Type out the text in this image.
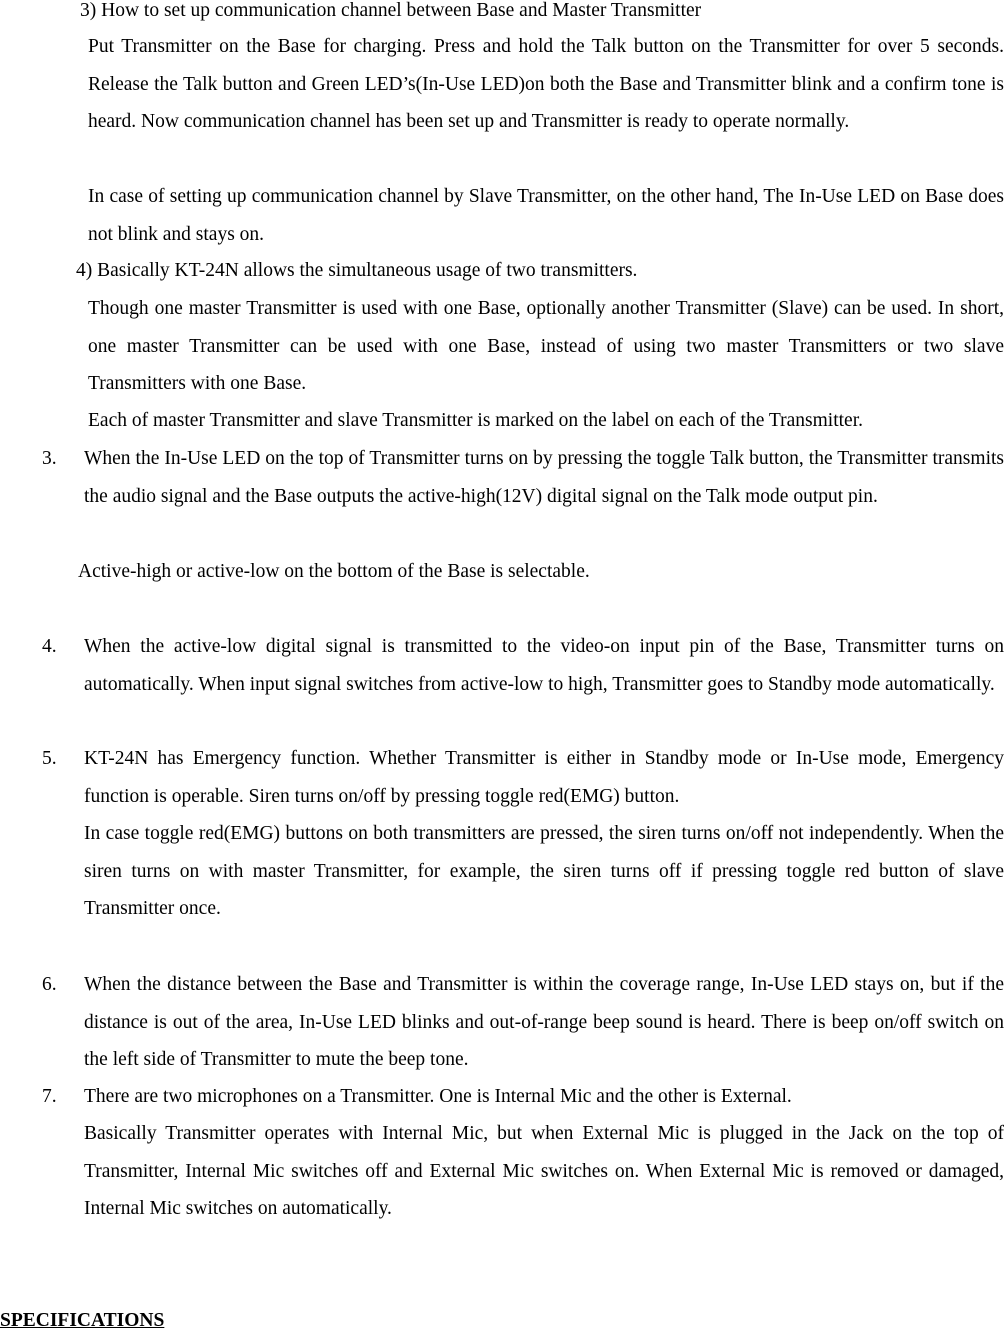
3) How to set up communication channel between Base and Master Transmitter

Put Transmitter on the Base for charging. Press and hold the Talk button on the Transmitter for over 5 seconds. Release the Talk button and Green LED’s(In-Use LED)on both the Base and Transmitter blink and a confirm tone is heard. Now communication channel has been set up and Transmitter is ready to operate normally.

In case of setting up communication channel by Slave Transmitter, on the other hand, The In-Use LED on Base does not blink and stays on.

4) Basically KT-24N allows the simultaneous usage of two transmitters.

Though one master Transmitter is used with one Base, optionally another Transmitter (Slave) can be used. In short, one master Transmitter can be used with one Base, instead of using two master Transmitters or two slave Transmitters with one Base.

Each of master Transmitter and slave Transmitter is marked on the label on each of the Transmitter.

3. When the In-Use LED on the top of Transmitter turns on by pressing the toggle Talk button, the Transmitter transmits the audio signal and the Base outputs the active-high(12V) digital signal on the Talk mode output pin.

Active-high or active-low on the bottom of the Base is selectable.

4. When the active-low digital signal is transmitted to the video-on input pin of the Base, Transmitter turns on automatically. When input signal switches from active-low to high, Transmitter goes to Standby mode automatically.

5. KT-24N has Emergency function. Whether Transmitter is either in Standby mode or In-Use mode, Emergency function is operable. Siren turns on/off by pressing toggle red(EMG) button.

In case toggle red(EMG) buttons on both transmitters are pressed, the siren turns on/off not independently. When the siren turns on with master Transmitter, for example, the siren turns off if pressing toggle red button of slave Transmitter once.

6. When the distance between the Base and Transmitter is within the coverage range, In-Use LED stays on, but if the distance is out of the area, In-Use LED blinks and out-of-range beep sound is heard. There is beep on/off switch on the left side of Transmitter to mute the beep tone.

7. There are two microphones on a Transmitter. One is Internal Mic and the other is External.

Basically Transmitter operates with Internal Mic, but when External Mic is plugged in the Jack on the top of Transmitter, Internal Mic switches off and External Mic switches on. When External Mic is removed or damaged, Internal Mic switches on automatically.

SPECIFICATIONS
